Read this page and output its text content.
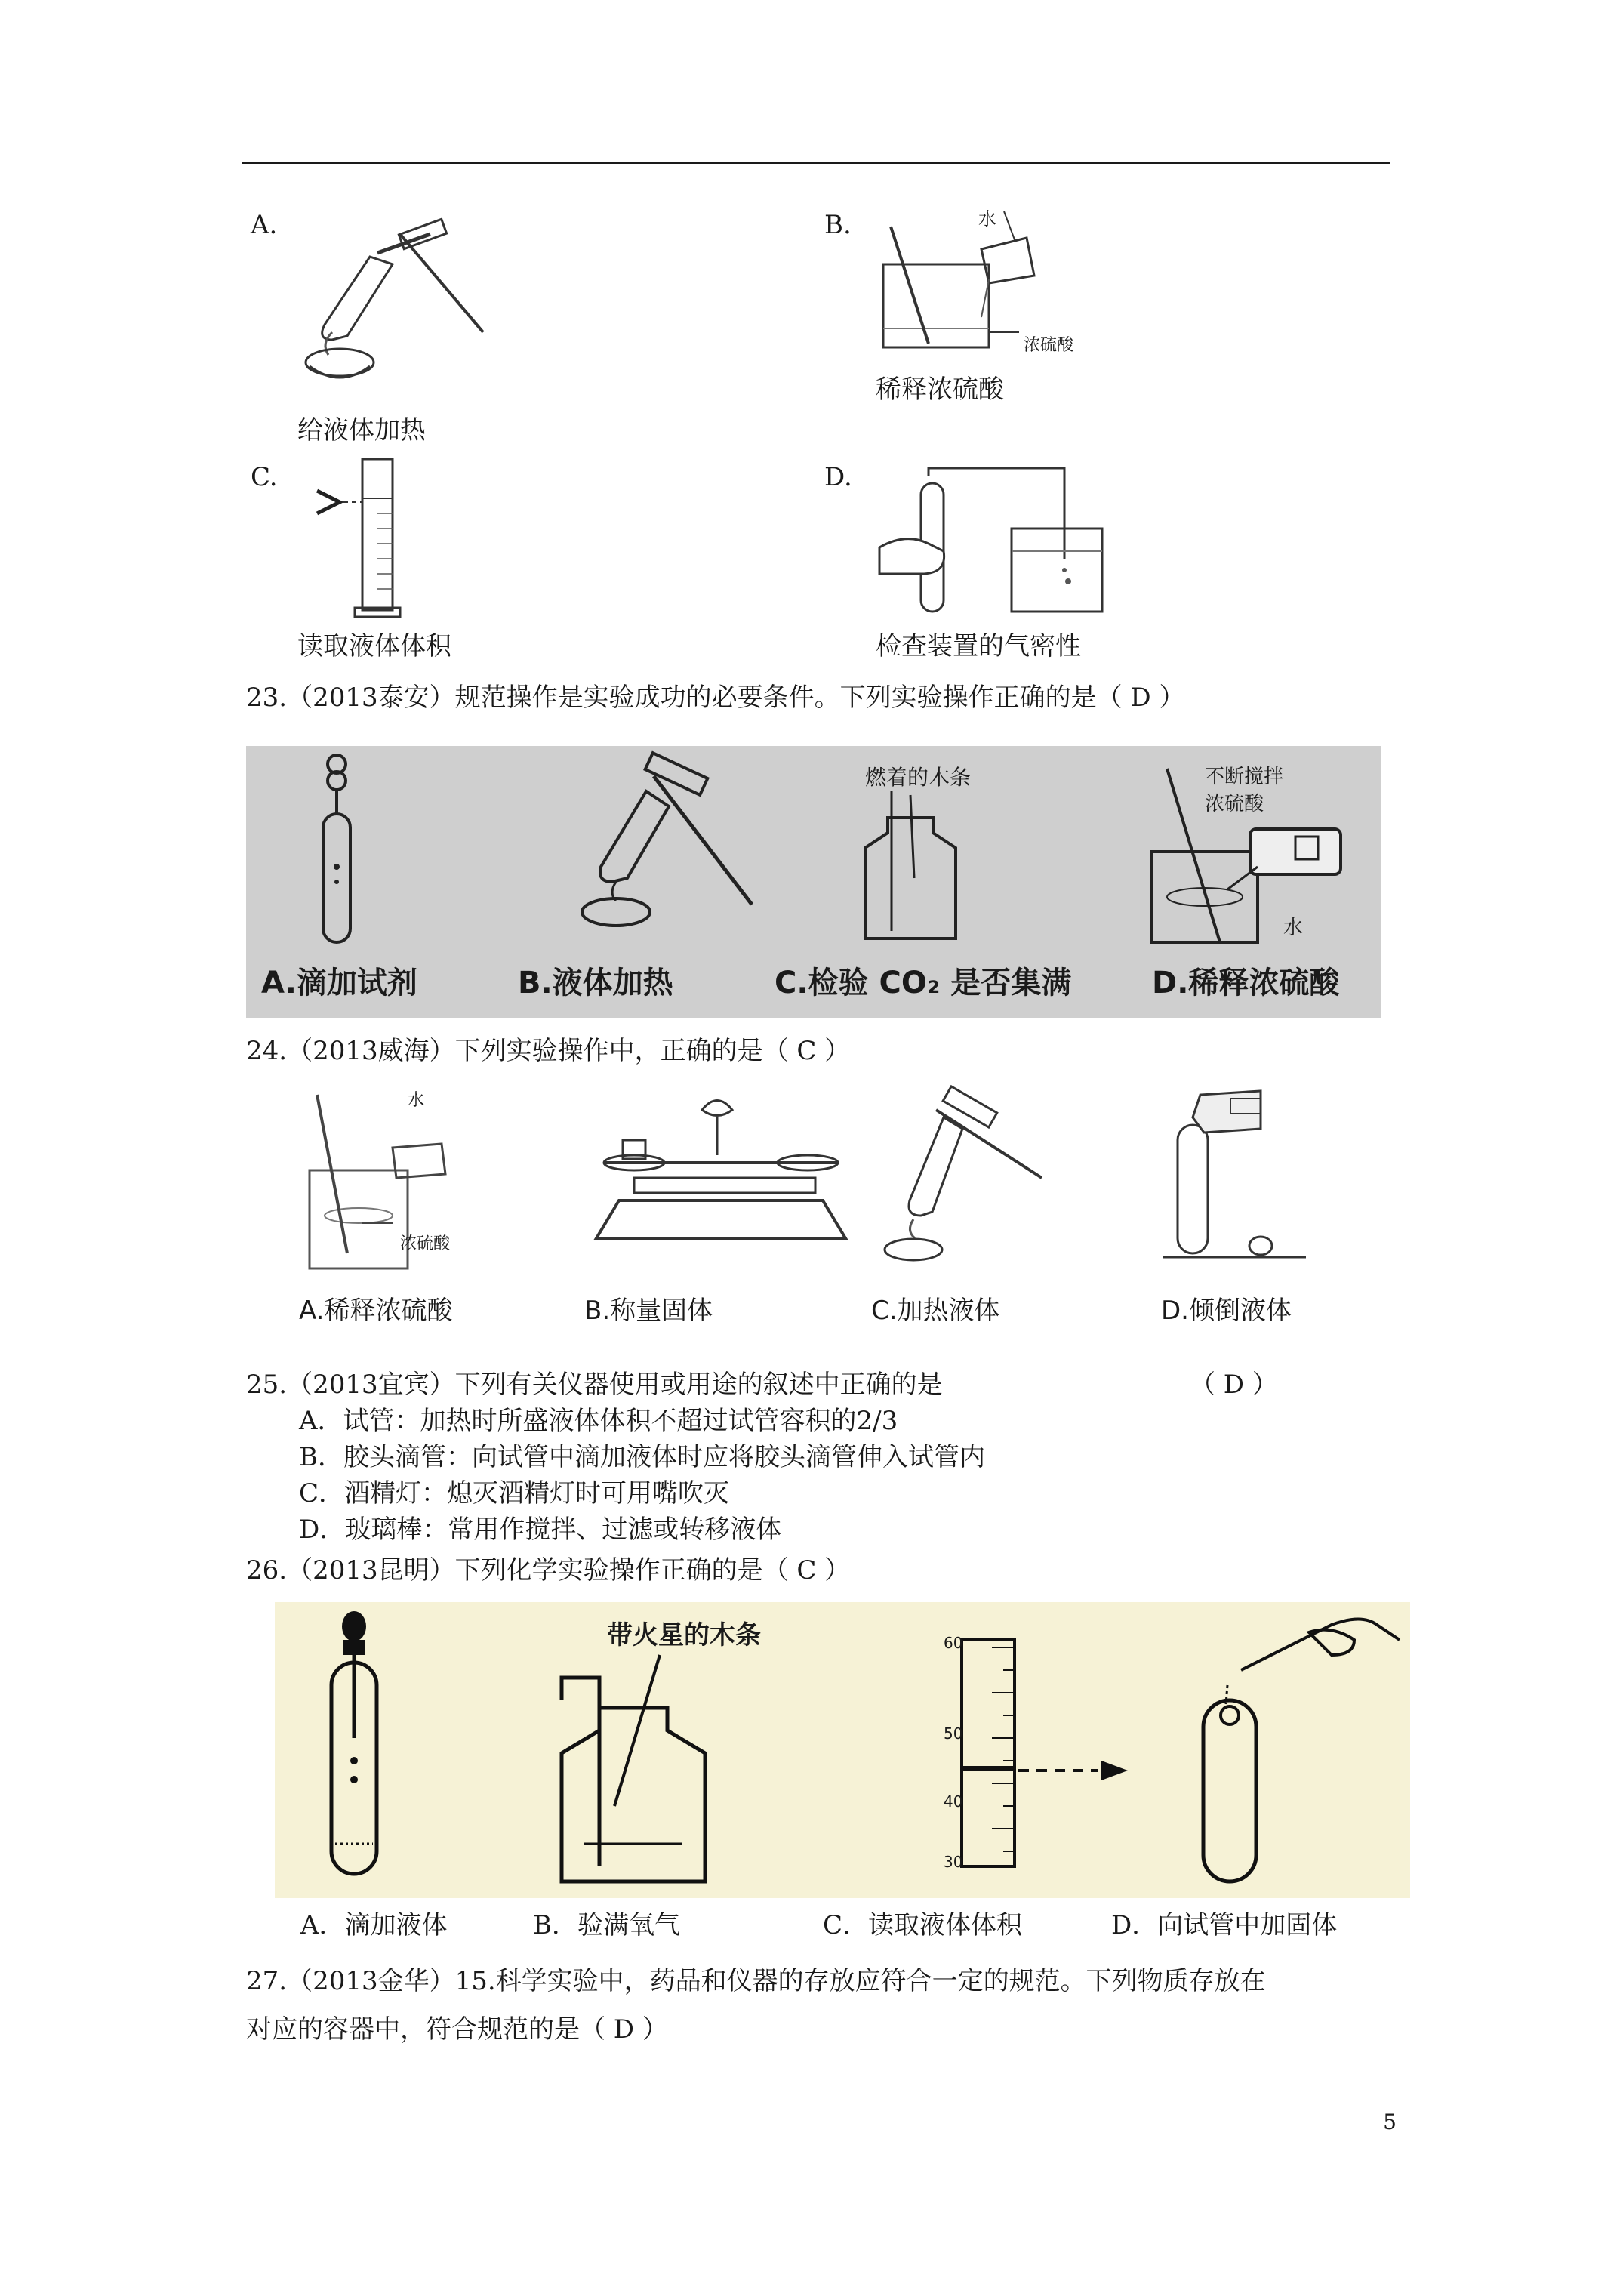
A.	B.
给液体加热
水
浓硫酸
稀释浓硫酸
C.	D.
读取液体体积	检查装置的气密性
23.（2013泰安）规范操作是实验成功的必要条件。下列实验操作正确的是（ D ）
燃着的木条	不断搅拌
浓硫酸
水
A.滴加试剂	B.液体加热	C.检验 CO₂ 是否集满	D.稀释浓硫酸
24.（2013威海）下列实验操作中，正确的是（ C ）
水
浓硫酸
A.稀释浓硫酸	B.称量固体	C.加热液体	D.倾倒液体
25.（2013宜宾）下列有关仪器使用或用途的叙述中正确的是	（ D ）
A．试管：加热时所盛液体体积不超过试管容积的2/3
B．胶头滴管：向试管中滴加液体时应将胶头滴管伸入试管内
C．酒精灯：熄灭酒精灯时可用嘴吹灭
D．玻璃棒：常用作搅拌、过滤或转移液体
26.（2013昆明）下列化学实验操作正确的是（ C ）
带火星的木条	60
50
40
30
A．滴加液体	B．验满氧气	C．读取液体体积	D．向试管中加固体
27.（2013金华）15.科学实验中，药品和仪器的存放应符合一定的规范。下列物质存放在
对应的容器中，符合规范的是（ D ）
5
